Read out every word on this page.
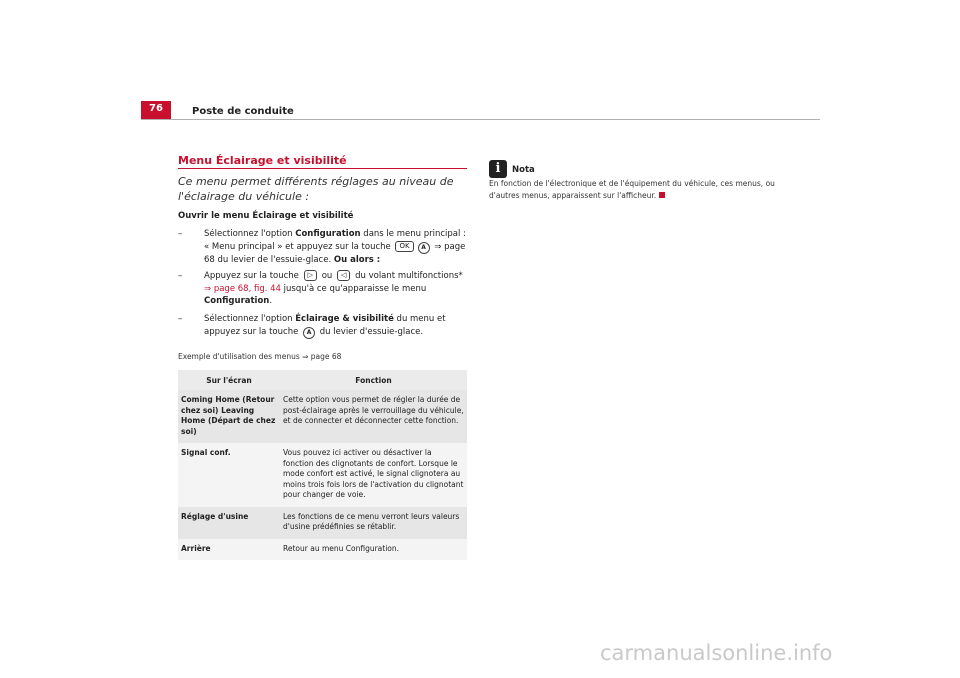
76	Poste de conduite
Menu Éclairage et visibilité
Ce menu permet différents réglages au niveau de l'éclairage du véhicule :
Ouvrir le menu Éclairage et visibilité
–	Sélectionnez l'option Configuration dans le menu principal : « Menu principal » et appuyez sur la touche OK A ⇒ page 68 du levier de l'essuie-glace. Ou alors :
–	Appuyez sur la touche ▷ ou ◁ du volant multifonctions*
⇒ page 68, fig. 44 jusqu'à ce qu'apparaisse le menu Configuration.
–	Sélectionnez l'option Éclairage & visibilité du menu et appuyez sur la touche A du levier d'essuie-glace.
Exemple d'utilisation des menus ⇒ page 68
Sur l'écran	Fonction
Coming Home (Retour chez soi) Leaving Home (Départ de chez soi)	Cette option vous permet de régler la durée de post-éclairage après le verrouillage du véhicule, et de connecter et déconnecter cette fonction.
Signal conf.	Vous pouvez ici activer ou désactiver la fonction des clignotants de confort. Lorsque le mode confort est activé, le signal clignotera au moins trois fois lors de l'activation du clignotant pour changer de voie.
Réglage d'usine	Les fonctions de ce menu verront leurs valeurs d'usine prédéfinies se rétablir.
Arrière	Retour au menu Configuration.
i	Nota
En fonction de l'électronique et de l'équipement du véhicule, ces menus, ou d'autres menus, apparaissent sur l'afficheur.
carmanualsonline.info
